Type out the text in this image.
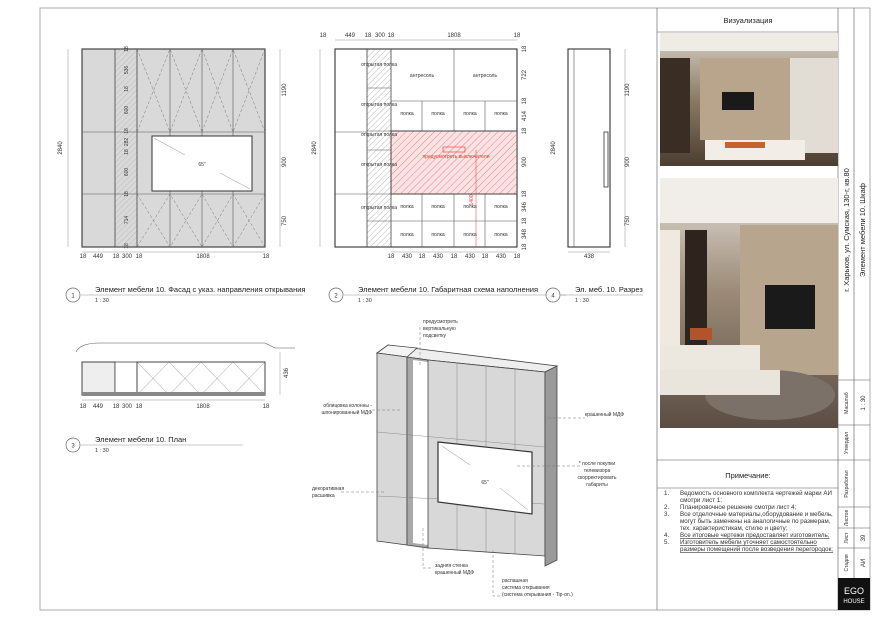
Визуализация
Примечание:
1. Ведомость основного комплекта чертежей марки АИ
смотри лист 1;
2. Планировочное решение смотри лист 4;
3. Все отделочные материалы,оборудование и мебель,
могут быть заменены на аналогичные по размерам,
тех. характеристикам, стилю и цвету;
4. Все итоговые чертежи предоставляет изготовитель;
5. Изготовитель мебели уточняет самостоятельно
размеры помещений после возведения перегородок;
г. Харьков, ул. Сумская, 130-г, кв.80 Элемент мебели 10. Шкаф
Масштаб 1 : 30
Утвердил
Разработал
Листов
Лист 39
Стадия АИ
EGO
HOUSE
65"
предусмотреть выключатели
1400
открытая полка
открытая полка
открытая полка
открытая полка
открытая полка
антресоль	антресоль
полка	полка	полка	полка
полка	полка	полка	полка
полка	полка	полка	полка
2840
438
1190
900
750
436
65"
предусмотреть
вертикальную
подсветку
облицовка колонны -
шпонированный МДФ	крашенный МДФ
* после покупки
телевизора
скорректировать
габариты
декоративная
расшивка
задняя стенка
крашенный МДФ
распашная
система открывания
(система открывания - Tip-on.)
18 449 18 300 18	1808	18
2840
1190
900
750
18
536
18
600
18
282
18
600
18
714
18
18	449 18 300 18	1808	18
18 430 18 430 18 430 18 430 18
18
722
18
414
18
900
18
346
18
348
18
2840
18 449 18 300 18	1808	18
1
Элемент мебели 10. Фасад с указ. направления открывания
1 : 30
2
Элемент мебели 10. Габаритная схема наполнения
1 : 30
4
Эл. меб. 10. Разрез
1 : 30
3
Элемент мебели 10. План
1 : 30
